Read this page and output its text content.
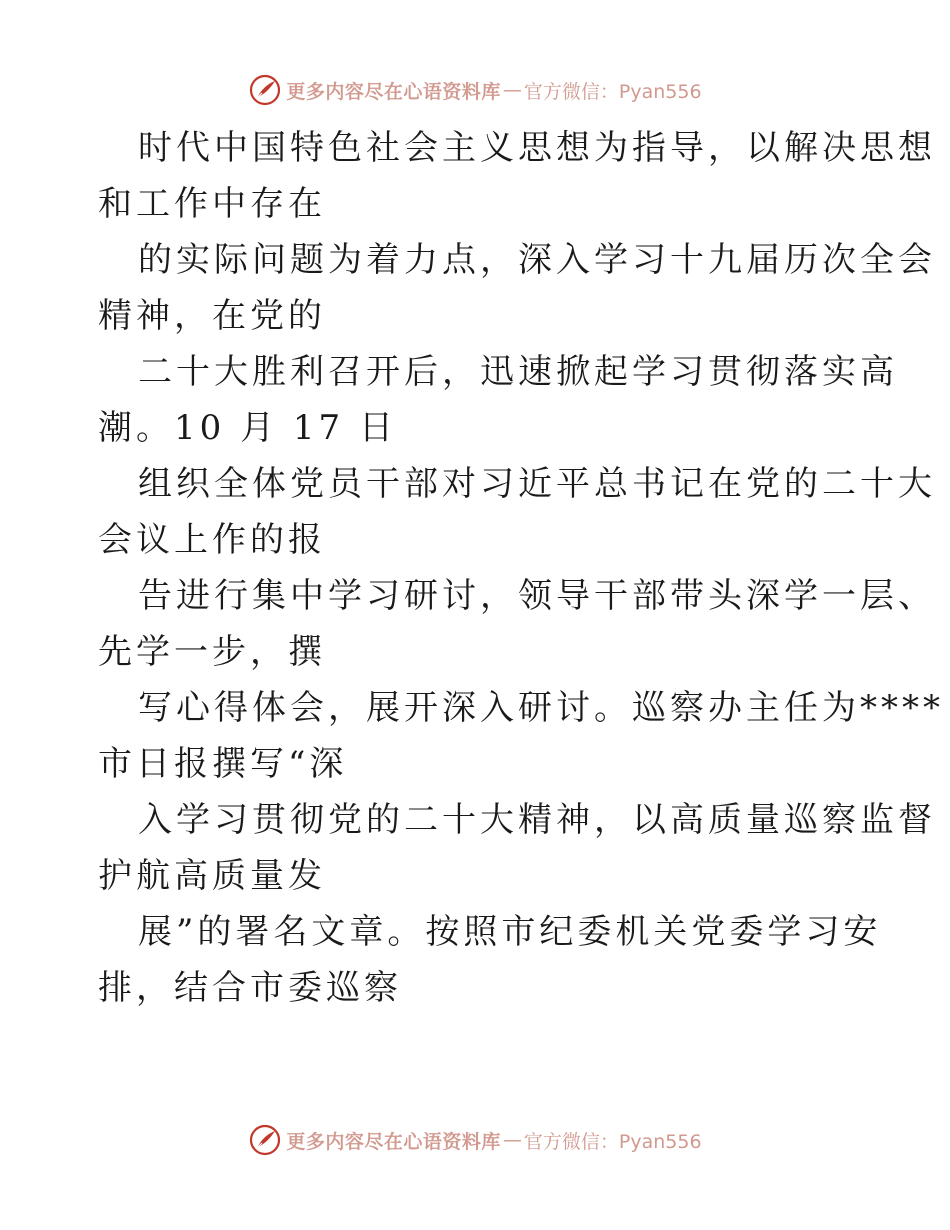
更多内容尽在心语资料库 — 官方微信：Pyan556
时代中国特色社会主义思想为指导，以解决思想
和工作中存在
的实际问题为着力点，深入学习十九届历次全会
精神，在党的
二十大胜利召开后，迅速掀起学习贯彻落实高
潮。10 月 17 日
组织全体党员干部对习近平总书记在党的二十大
会议上作的报
告进行集中学习研讨，领导干部带头深学一层、
先学一步，撰
写心得体会，展开深入研讨。巡察办主任为****
市日报撰写“深
入学习贯彻党的二十大精神，以高质量巡察监督
护航高质量发
展”的署名文章。按照市纪委机关党委学习安
排，结合市委巡察
更多内容尽在心语资料库 — 官方微信：Pyan556
